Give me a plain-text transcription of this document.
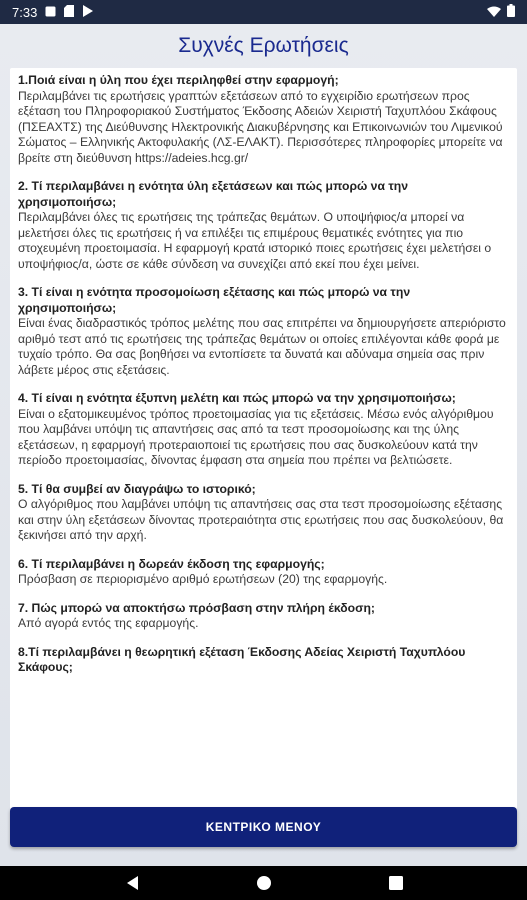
7:33
Συχνές Ερωτήσεις
1.Ποιά είναι η ύλη που έχει περιληφθεί στην εφαρμογή;
Περιλαμβάνει τις ερωτήσεις γραπτών εξετάσεων από το εγχειρίδιο ερωτήσεων προς εξέταση του Πληροφοριακού Συστήματος Έκδοσης Αδειών Χειριστή Ταχυπλόου Σκάφους (ΠΣΕΑΧΤΣ) της Διεύθυνσης Ηλεκτρονικής Διακυβέρνησης και Επικοινωνιών του Λιμενικού Σώματος – Ελληνικής Ακτοφυλακής (ΛΣ-ΕΛΑΚΤ). Περισσότερες πληροφορίες μπορείτε να βρείτε στη διεύθυνση https://adeies.hcg.gr/
2. Τί περιλαμβάνει η ενότητα ύλη εξετάσεων και πώς μπορώ να την χρησιμοποιήσω;
Περιλαμβάνει όλες τις ερωτήσεις της τράπεζας θεμάτων. Ο υποψήφιος/α μπορεί να μελετήσει όλες τις ερωτήσεις ή να επιλέξει τις επιμέρους θεματικές ενότητες για πιο στοχευμένη προετοιμασία. Η εφαρμογή κρατά ιστορικό ποιες ερωτήσεις έχει μελετήσει ο υποψήφιος/α, ώστε σε κάθε σύνδεση να συνεχίζει από εκεί που έχει μείνει.
3. Τί είναι η ενότητα προσομοίωση εξέτασης και πώς μπορώ να την χρησιμοποιήσω;
Είναι ένας διαδραστικός τρόπος μελέτης που σας επιτρέπει να δημιουργήσετε απεριόριστο αριθμό τεστ από τις ερωτήσεις της τράπεζας θεμάτων οι οποίες επιλέγονται κάθε φορά με τυχαίο τρόπο. Θα σας βοηθήσει να εντοπίσετε τα δυνατά και αδύναμα σημεία σας πριν λάβετε μέρος στις εξετάσεις.
4. Τί είναι η ενότητα έξυπνη μελέτη και πώς μπορώ να την χρησιμοποιήσω;
Είναι ο εξατομικευμένος τρόπος προετοιμασίας για τις εξετάσεις. Μέσω ενός αλγόριθμου που λαμβάνει υπόψη τις απαντήσεις σας από τα τεστ προσομοίωσης και της ύλης εξετάσεων, η εφαρμογή προτεραιοποιεί τις ερωτήσεις που σας δυσκολεύουν κατά την περίοδο προετοιμασίας, δίνοντας έμφαση στα σημεία που πρέπει να βελτιώσετε.
5. Τί θα συμβεί αν διαγράψω το ιστορικό;
Ο αλγόριθμος που λαμβάνει υπόψη τις απαντήσεις σας στα τεστ προσομοίωσης εξέτασης και στην ύλη εξετάσεων δίνοντας προτεραιότητα στις ερωτήσεις που σας δυσκολεύουν, θα ξεκινήσει από την αρχή.
6. Τί περιλαμβάνει η δωρεάν έκδοση της εφαρμογής;
Πρόσβαση σε περιορισμένο αριθμό ερωτήσεων (20) της εφαρμογής.
7. Πώς μπορώ να αποκτήσω πρόσβαση στην πλήρη έκδοση;
Από αγορά εντός της εφαρμογής.
8.Τί περιλαμβάνει η θεωρητική εξέταση Έκδοσης Αδείας Χειριστή Ταχυπλόου Σκάφους;
ΚΕΝΤΡΙΚΟ ΜΕΝΟΥ
